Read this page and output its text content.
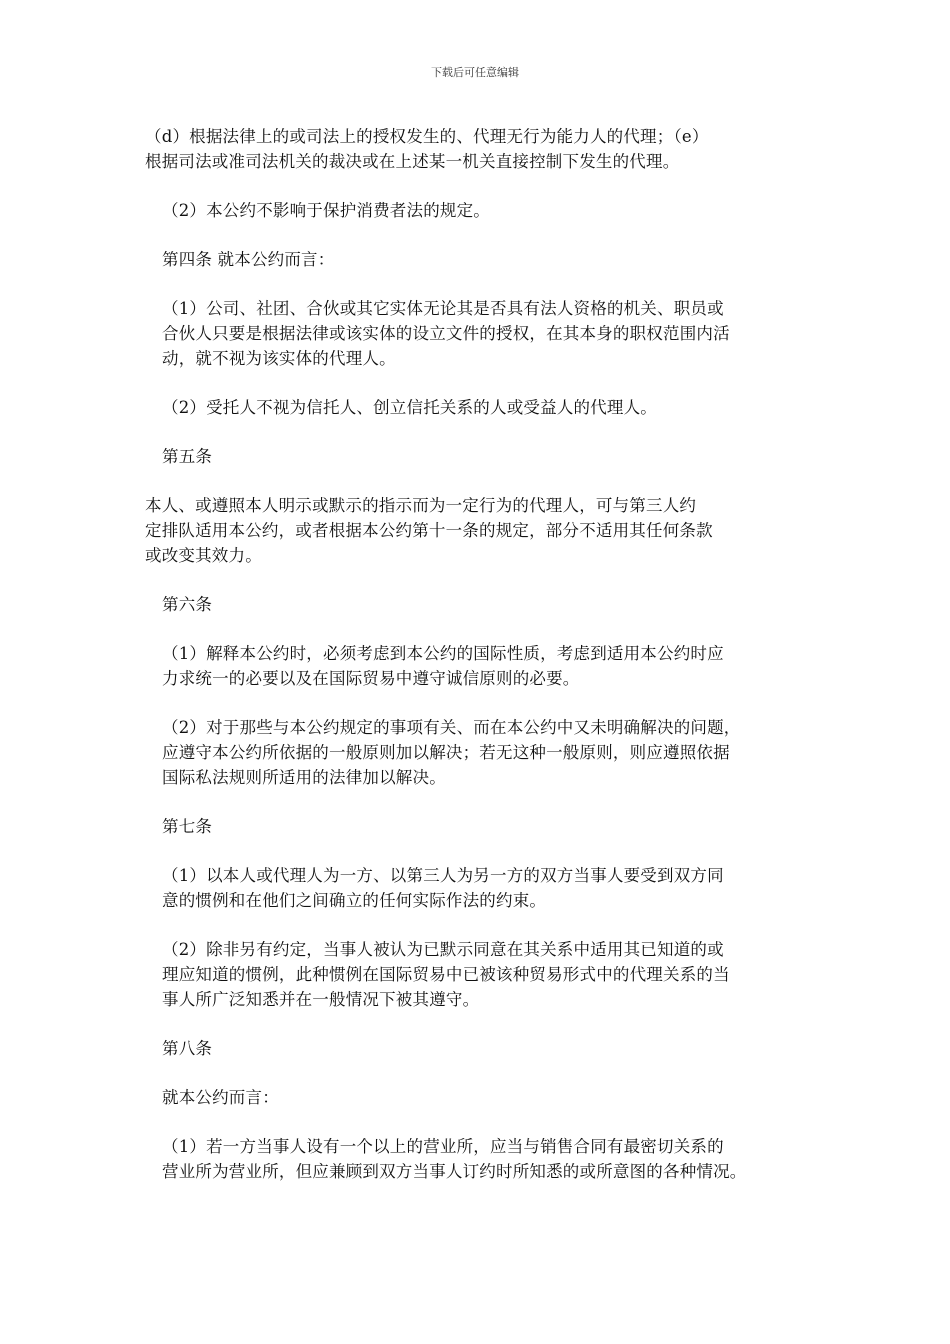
下载后可任意编辑

（d）根据法律上的或司法上的授权发生的、代理无行为能力人的代理；（e）
根据司法或准司法机关的裁决或在上述某一机关直接控制下发生的代理。

（2）本公约不影响于保护消费者法的规定。

第四条 就本公约而言：

（1）公司、社团、合伙或其它实体无论其是否具有法人资格的机关、职员或
合伙人只要是根据法律或该实体的设立文件的授权，在其本身的职权范围内活
动，就不视为该实体的代理人。

（2）受托人不视为信托人、创立信托关系的人或受益人的代理人。

第五条

本人、或遵照本人明示或默示的指示而为一定行为的代理人，可与第三人约
定排队适用本公约，或者根据本公约第十一条的规定，部分不适用其任何条款
或改变其效力。

第六条

（1）解释本公约时，必须考虑到本公约的国际性质，考虑到适用本公约时应
力求统一的必要以及在国际贸易中遵守诚信原则的必要。

（2）对于那些与本公约规定的事项有关、而在本公约中又未明确解决的问题，
应遵守本公约所依据的一般原则加以解决；若无这种一般原则，则应遵照依据
国际私法规则所适用的法律加以解决。

第七条

（1）以本人或代理人为一方、以第三人为另一方的双方当事人要受到双方同
意的惯例和在他们之间确立的任何实际作法的约束。

（2）除非另有约定，当事人被认为已默示同意在其关系中适用其已知道的或
理应知道的惯例，此种惯例在国际贸易中已被该种贸易形式中的代理关系的当
事人所广泛知悉并在一般情况下被其遵守。

第八条

就本公约而言：

（1）若一方当事人设有一个以上的营业所，应当与销售合同有最密切关系的
营业所为营业所，但应兼顾到双方当事人订约时所知悉的或所意图的各种情况。
